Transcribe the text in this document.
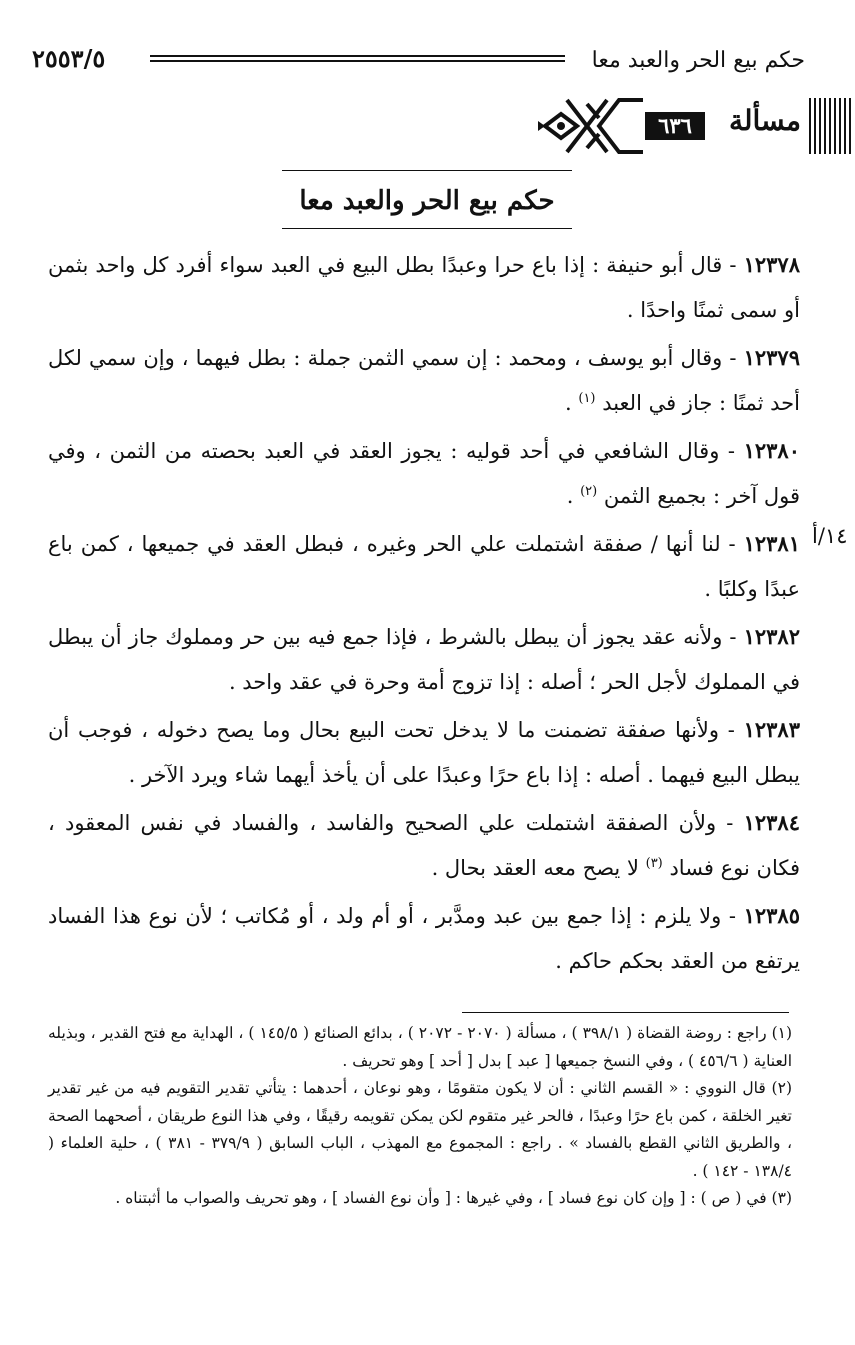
٢٥٥٣/٥	حكم بيع الحر والعبد معا
مسألة
٦٣٦
حكم بيع الحر والعبد معا
١٤/أ

١٢٣٧٨ - قال أبو حنيفة : إذا باع حرا وعبدًا بطل البيع في العبد سواء أفرد كل واحد بثمن أو سمى ثمنًا واحدًا .

١٢٣٧٩ - وقال أبو يوسف ، ومحمد : إن سمي الثمن جملة : بطل فيهما ، وإن سمي لكل أحد ثمنًا : جاز في العبد $^{(١)}$ .

١٢٣٨٠ - وقال الشافعي في أحد قوليه : يجوز العقد في العبد بحصته من الثمن ، وفي قول آخر : بجميع الثمن $^{(٢)}$ .

١٢٣٨١ - لنا أنها / صفقة اشتملت علي الحر وغيره ، فبطل العقد في جميعها ، كمن باع عبدًا وكلبًا .

١٢٣٨٢ - ولأنه عقد يجوز أن يبطل بالشرط ، فإذا جمع فيه بين حر ومملوك جاز أن يبطل في المملوك لأجل الحر ؛ أصله : إذا تزوج أمة وحرة في عقد واحد .

١٢٣٨٣ - ولأنها صفقة تضمنت ما لا يدخل تحت البيع بحال وما يصح دخوله ، فوجب أن يبطل البيع فيهما . أصله : إذا باع حرًا وعبدًا على أن يأخذ أيهما شاء ويرد الآخر .

١٢٣٨٤ - ولأن الصفقة اشتملت علي الصحيح والفاسد ، والفساد في نفس المعقود ، فكان نوع فساد $^{(٣)}$ لا يصح معه العقد بحال .

١٢٣٨٥ - ولا يلزم : إذا جمع بين عبد ومدَّبر ، أو أم ولد ، أو مُكاتب ؛ لأن نوع هذا الفساد يرتفع من العقد بحكم حاكم .

(١) راجع : روضة القضاة ( ٣٩٨/١ ) ، مسألة ( ٢٠٧٠ - ٢٠٧٢ ) ، بدائع الصنائع ( ١٤٥/٥ ) ، الهداية مع فتح القدير ، وبذيله العناية ( ٤٥٦/٦ ) ، وفي النسخ جميعها [ عبد ] بدل [ أحد ] وهو تحريف .

(٢) قال النووي : « القسم الثاني : أن لا يكون متقومًا ، وهو نوعان ، أحدهما : يتأتي تقدير التقويم فيه من غير تقدير تغير الخلقة ، كمن باع حرًا وعبدًا ، فالحر غير متقوم لكن يمكن تقويمه رقيقًا ، وفي هذا النوع طريقان ، أصحهما الصحة ، والطريق الثاني القطع بالفساد » . راجع : المجموع مع المهذب ، الباب السابق ( ٣٧٩/٩ - ٣٨١ ) ، حلية العلماء ( ١٣٨/٤ - ١٤٢ ) .

(٣) في ( ص ) : [ وإن كان نوع فساد ] ، وفي غيرها : [ وأن نوع الفساد ] ، وهو تحريف والصواب ما أثبتناه .
